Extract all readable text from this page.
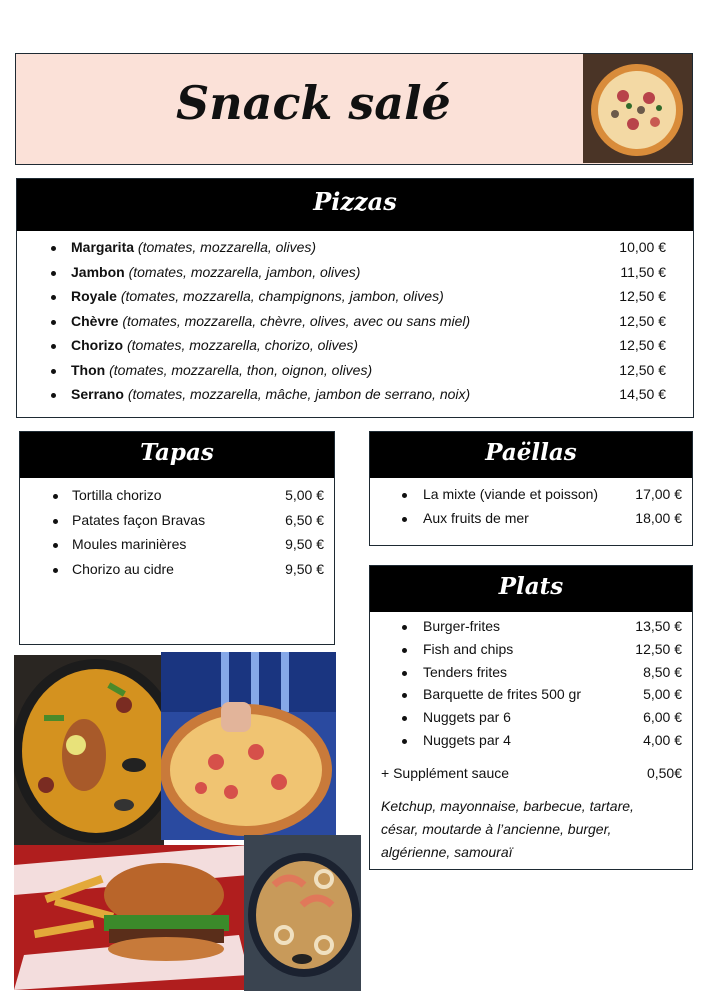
Snack salé
Pizzas
Margarita (tomates, mozzarella, olives)	10,00 €
Jambon (tomates, mozzarella, jambon, olives)	11,50 €
Royale (tomates, mozzarella, champignons, jambon, olives)	12,50 €
Chèvre (tomates, mozzarella, chèvre, olives, avec ou sans miel)	12,50 €
Chorizo (tomates, mozzarella, chorizo, olives)	12,50 €
Thon (tomates, mozzarella, thon, oignon, olives)	12,50 €
Serrano (tomates, mozzarella, mâche, jambon de serrano, noix)	14,50 €
Tapas
Tortilla chorizo	5,00 €
Patates façon Bravas	6,50 €
Moules marinières	9,50 €
Chorizo au cidre	9,50 €
Paëllas
La mixte (viande et poisson)	17,00 €
Aux fruits de mer	18,00 €
Plats
Burger-frites	13,50 €
Fish and chips	12,50 €
Tenders frites	8,50 €
Barquette de frites 500 gr	5,00 €
Nuggets par 6	6,00 €
Nuggets par 4	4,00 €
+ Supplément sauce	0,50€
Ketchup, mayonnaise, barbecue, tartare, césar, moutarde à l’ancienne, burger, algérienne, samouraï
